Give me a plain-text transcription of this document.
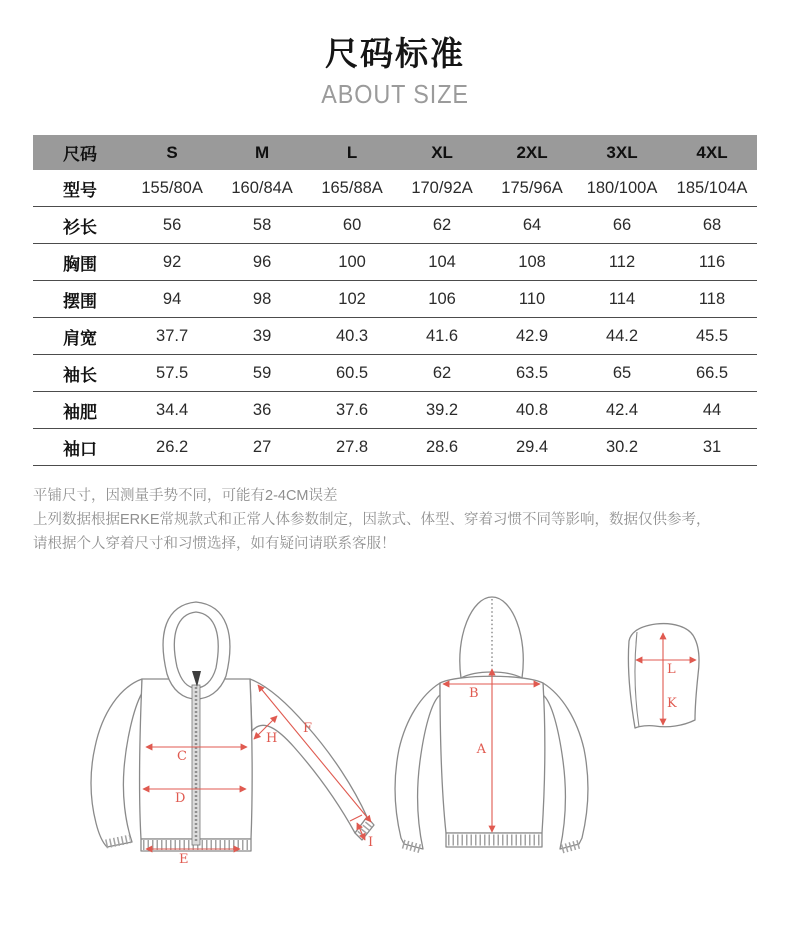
尺码标准
ABOUT SIZE
尺码	S	M	L	XL	2XL	3XL	4XL
型号	155/80A	160/84A	165/88A	170/92A	175/96A	180/100A	185/104A
衫长	56	58	60	62	64	66	68
胸围	92	96	100	104	108	112	116
摆围	94	98	102	106	110	114	118
肩宽	37.7	39	40.3	41.6	42.9	44.2	45.5
袖长	57.5	59	60.5	62	63.5	65	66.5
袖肥	34.4	36	37.6	39.2	40.8	42.4	44
袖口	26.2	27	27.8	28.6	29.4	30.2	31

平铺尺寸，因测量手势不同，可能有2-4CM误差

上列数据根据ERKE常规款式和正常人体参数制定，因款式、体型、穿着习惯不同等影响，数据仅供参考，

请根据个人穿着尺寸和习惯选择，如有疑问请联系客服！

C
D
E
H
F
I
B
A
L
K
